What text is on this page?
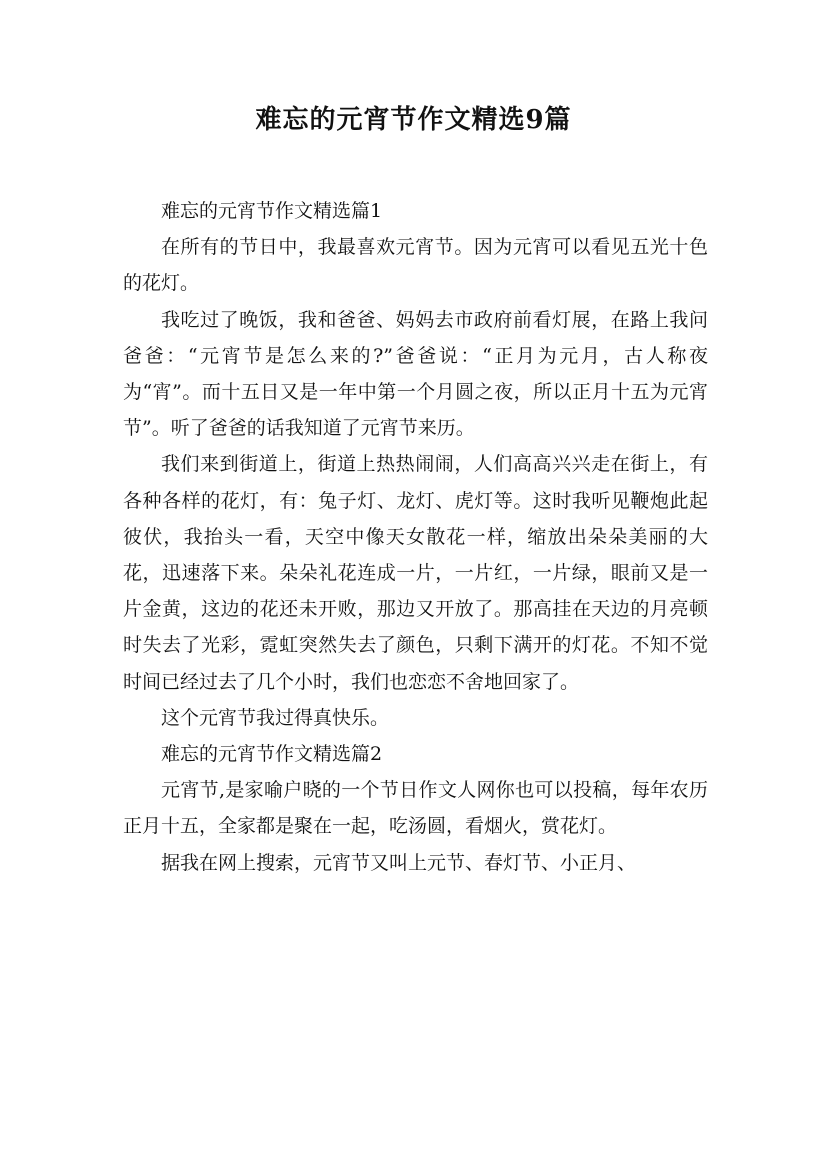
难忘的元宵节作文精选9篇

难忘的元宵节作文精选篇1

在所有的节日中，我最喜欢元宵节。因为元宵可以看见五光十色的花灯。

我吃过了晚饭，我和爸爸、妈妈去市政府前看灯展，在路上我问爸爸：“元宵节是怎么来的?”爸爸说：“正月为元月，古人称夜为“宵”。而十五日又是一年中第一个月圆之夜，所以正月十五为元宵节”。听了爸爸的话我知道了元宵节来历。

我们来到街道上，街道上热热闹闹，人们高高兴兴走在街上，有各种各样的花灯，有：兔子灯、龙灯、虎灯等。这时我听见鞭炮此起彼伏，我抬头一看，天空中像天女散花一样，缩放出朵朵美丽的大花，迅速落下来。朵朵礼花连成一片，一片红，一片绿，眼前又是一片金黄，这边的花还未开败，那边又开放了。那高挂在天边的月亮顿时失去了光彩，霓虹突然失去了颜色，只剩下满开的灯花。不知不觉时间已经过去了几个小时，我们也恋恋不舍地回家了。

这个元宵节我过得真快乐。

难忘的元宵节作文精选篇2

元宵节,是家喻户晓的一个节日作文人网你也可以投稿，每年农历正月十五，全家都是聚在一起，吃汤圆，看烟火，赏花灯。

据我在网上搜索，元宵节又叫上元节、春灯节、小正月、
